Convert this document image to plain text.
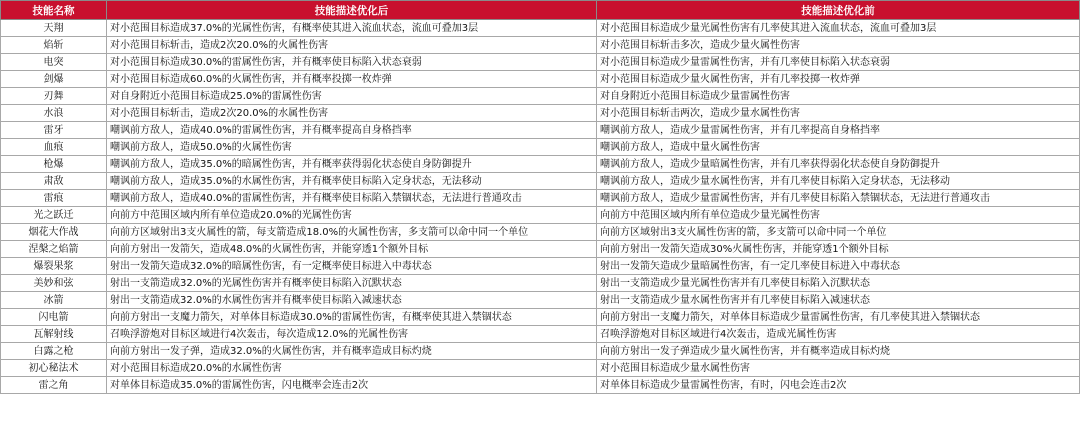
技能名称	技能描述优化后	技能描述优化前
天翔	对小范围目标造成37.0%的光属性伤害，有概率使其进入流血状态，流血可叠加3层	对小范围目标造成少量光属性伤害有几率使其进入流血状态，流血可叠加3层
焰斩	对小范围目标斩击，造成2次20.0%的火属性伤害	对小范围目标斩击多次，造成少量火属性伤害
电突	对小范围目标造成30.0%的雷属性伤害，并有概率使目标陷入状态衰弱	对小范围目标造成少量雷属性伤害，并有几率使目标陷入状态衰弱
剑爆	对小范围目标造成60.0%的火属性伤害，并有概率投掷一枚炸弹	对小范围目标造成少量火属性伤害，并有几率投掷一枚炸弹
刃舞	对自身附近小范围目标造成25.0%的雷属性伤害	对自身附近小范围目标造成少量雷属性伤害
水浪	对小范围目标斩击，造成2次20.0%的水属性伤害	对小范围目标斩击两次，造成少量水属性伤害
雷牙	嘲讽前方敌人，造成40.0%的雷属性伤害，并有概率提高自身格挡率	嘲讽前方敌人，造成少量雷属性伤害，并有几率提高自身格挡率
血痕	嘲讽前方敌人，造成50.0%的火属性伤害	嘲讽前方敌人，造成中量火属性伤害
枪爆	嘲讽前方敌人，造成35.0%的暗属性伤害，并有概率获得弱化状态使自身防御提升	嘲讽前方敌人，造成少量暗属性伤害，并有几率获得弱化状态使自身防御提升
肃敌	嘲讽前方敌人，造成35.0%的水属性伤害，并有概率使目标陷入定身状态，无法移动	嘲讽前方敌人，造成少量水属性伤害，并有几率使目标陷入定身状态，无法移动
雷痕	嘲讽前方敌人，造成40.0%的雷属性伤害，并有概率使目标陷入禁锢状态，无法进行普通攻击	嘲讽前方敌人，造成少量雷属性伤害，并有几率使目标陷入禁锢状态，无法进行普通攻击
光之跃迁	向前方中范围区域内所有单位造成20.0%的光属性伤害	向前方中范围区域内所有单位造成少量光属性伤害
烟花大作战	向前方区域射出3支火属性的箭，每支箭造成18.0%的火属性伤害，多支箭可以命中同一个单位	向前方区域射出3支火属性伤害的箭，多支箭可以命中同一个单位
涅槃之焰箭	向前方射出一发箭矢，造成48.0%的火属性伤害，并能穿透1个额外目标	向前方射出一发箭矢造成30%火属性伤害，并能穿透1个额外目标
爆裂果浆	射出一发箭矢造成32.0%的暗属性伤害，有一定概率使目标进入中毒状态	射出一发箭矢造成少量暗属性伤害，有一定几率使目标进入中毒状态
美妙和弦	射出一支箭造成32.0%的光属性伤害并有概率使目标陷入沉默状态	射出一支箭造成少量光属性伤害并有几率使目标陷入沉默状态
冰箭	射出一支箭造成32.0%的水属性伤害并有概率使目标陷入减速状态	射出一支箭造成少量水属性伤害并有几率使目标陷入减速状态
闪电箭	向前方射出一支魔力箭矢，对单体目标造成30.0%的雷属性伤害，有概率使其进入禁锢状态	向前方射出一支魔力箭矢，对单体目标造成少量雷属性伤害，有几率使其进入禁锢状态
瓦解射线	召唤浮游炮对目标区域进行4次轰击，每次造成12.0%的光属性伤害	召唤浮游炮对目标区域进行4次轰击，造成光属性伤害
白露之枪	向前方射出一发子弹，造成32.0%的火属性伤害，并有概率造成目标灼烧	向前方射出一发子弹造成少量火属性伤害，并有概率造成目标灼烧
初心秘法术	对小范围目标造成20.0%的水属性伤害	对小范围目标造成少量水属性伤害
雷之角	对单体目标造成35.0%的雷属性伤害，闪电概率会连击2次	对单体目标造成少量雷属性伤害，有时，闪电会连击2次
